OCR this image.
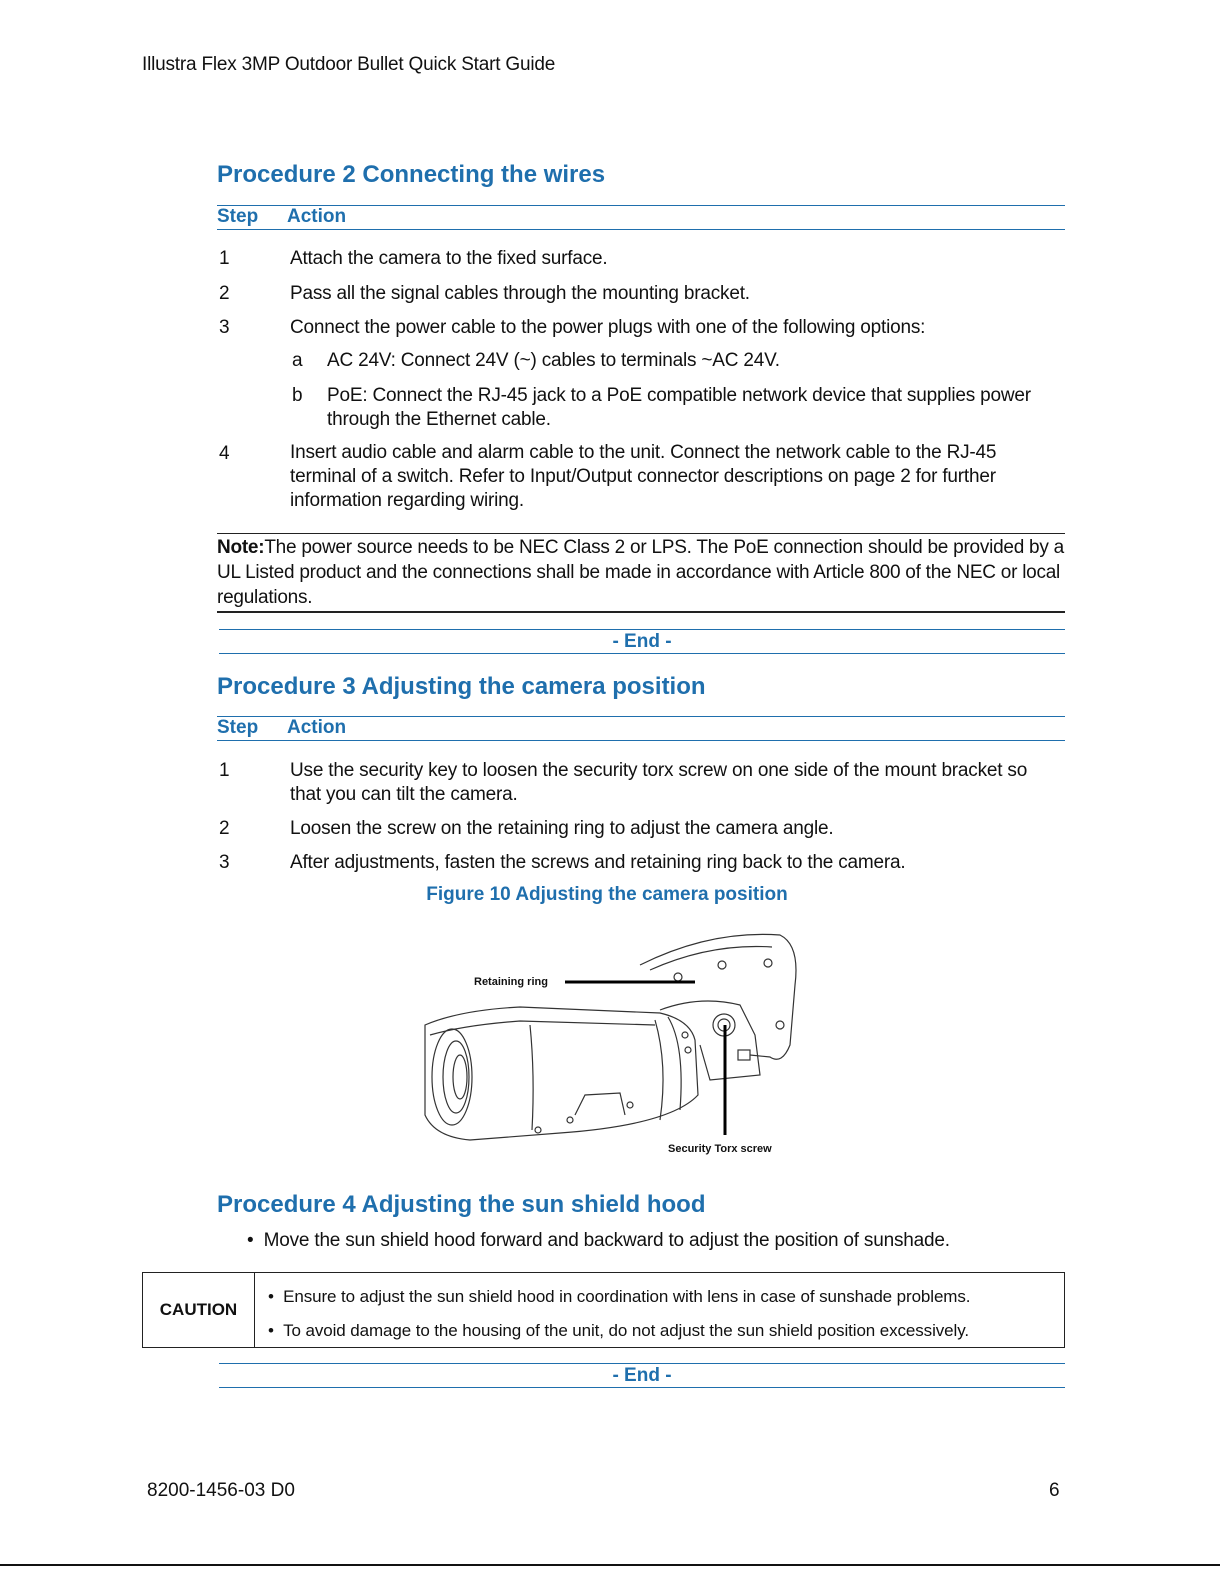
Illustra Flex 3MP Outdoor Bullet Quick Start Guide
Procedure 2 Connecting the wires
Step Action
1	Attach the camera to the fixed surface.
2	Pass all the signal cables through the mounting bracket.
3	Connect the power cable to the power plugs with one of the following options:
a AC 24V: Connect 24V (~) cables to terminals ~AC 24V.
b PoE: Connect the RJ-45 jack to a PoE compatible network device that supplies power through the Ethernet cable.
4	Insert audio cable and alarm cable to the unit. Connect the network cable to the RJ-45 terminal of a switch. Refer to Input/Output connector descriptions on page 2 for further information regarding wiring.
Note:The power source needs to be NEC Class 2 or LPS. The PoE connection should be provided by a UL Listed product and the connections shall be made in accordance with Article 800 of the NEC or local regulations.
- End -
Procedure 3 Adjusting the camera position
Step Action
1	Use the security key to loosen the security torx screw on one side of the mount bracket so that you can tilt the camera.
2	Loosen the screw on the retaining ring to adjust the camera angle.
3	After adjustments, fasten the screws and retaining ring back to the camera.
Figure 10 Adjusting the camera position
Retaining ring
Security Torx screw
Procedure 4 Adjusting the sun shield hood
•  Move the sun shield hood forward and backward to adjust the position of sunshade.
CAUTION
•  Ensure to adjust the sun shield hood in coordination with lens in case of sunshade problems.
•  To avoid damage to the housing of the unit, do not adjust the sun shield position excessively.
- End -
8200-1456-03 D0	6
